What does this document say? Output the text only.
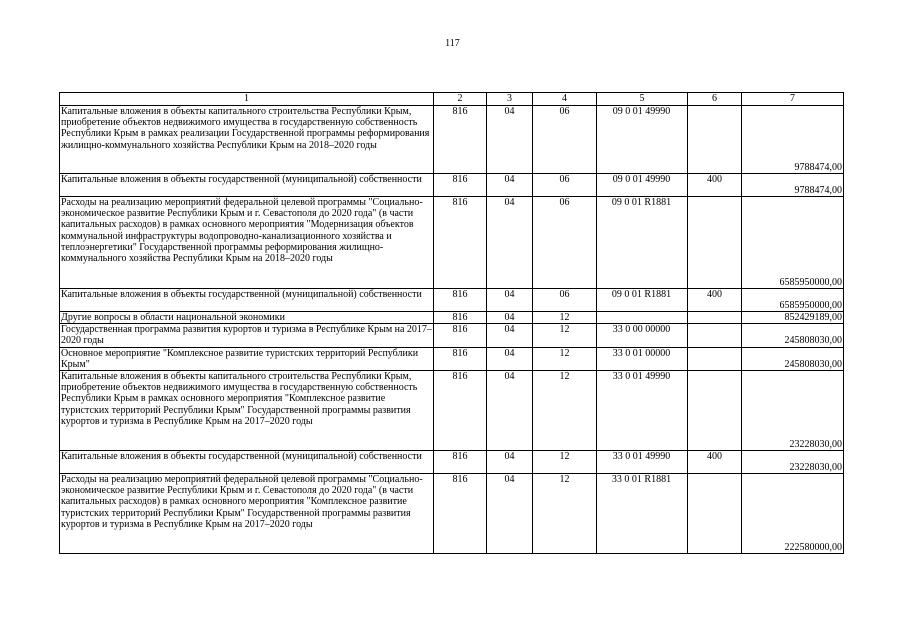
117
1	2	3	4	5	6	7
Капитальные вложения в объекты капитального строительства Республики Крым, приобретение объектов недвижимого имущества в государственную собственность Республики Крым в рамках реализации Государственной программы реформирования жилищно-коммунального хозяйства Республики Крым на 2018–2020 годы	816	04	06	09 0 01 49990		9788474,00
Капитальные вложения в объекты государственной (муниципальной) собственности	816	04	06	09 0 01 49990	400	9788474,00
Расходы на реализацию мероприятий федеральной целевой программы "Социально-экономическое развитие Республики Крым и г. Севастополя до 2020 года" (в части капитальных расходов) в рамках основного мероприятия "Модернизация объектов коммунальной инфраструктуры водопроводно-канализационного хозяйства и теплоэнергетики" Государственной программы реформирования жилищно-коммунального хозяйства Республики Крым на 2018–2020 годы	816	04	06	09 0 01 R1881		6585950000,00
Капитальные вложения в объекты государственной (муниципальной) собственности	816	04	06	09 0 01 R1881	400	6585950000,00
Другие вопросы в области национальной экономики	816	04	12			852429189,00
Государственная программа развития курортов и туризма в Республике Крым на 2017–2020 годы	816	04	12	33 0 00 00000		245808030,00
Основное мероприятие "Комплексное развитие туристских территорий Республики Крым"	816	04	12	33 0 01 00000		245808030,00
Капитальные вложения в объекты капитального строительства Республики Крым, приобретение объектов недвижимого имущества в государственную собственность Республики Крым в рамках основного мероприятия "Комплексное развитие туристских территорий Республики Крым" Государственной программы развития курортов и туризма в Республике Крым на 2017–2020 годы	816	04	12	33 0 01 49990		23228030,00
Капитальные вложения в объекты государственной (муниципальной) собственности	816	04	12	33 0 01 49990	400	23228030,00
Расходы на реализацию мероприятий федеральной целевой программы "Социально-экономическое развитие Республики Крым и г. Севастополя до 2020 года" (в части капитальных расходов) в рамках основного мероприятия "Комплексное развитие туристских территорий Республики Крым" Государственной программы развития курортов и туризма в Республике Крым на 2017–2020 годы	816	04	12	33 0 01 R1881		222580000,00
